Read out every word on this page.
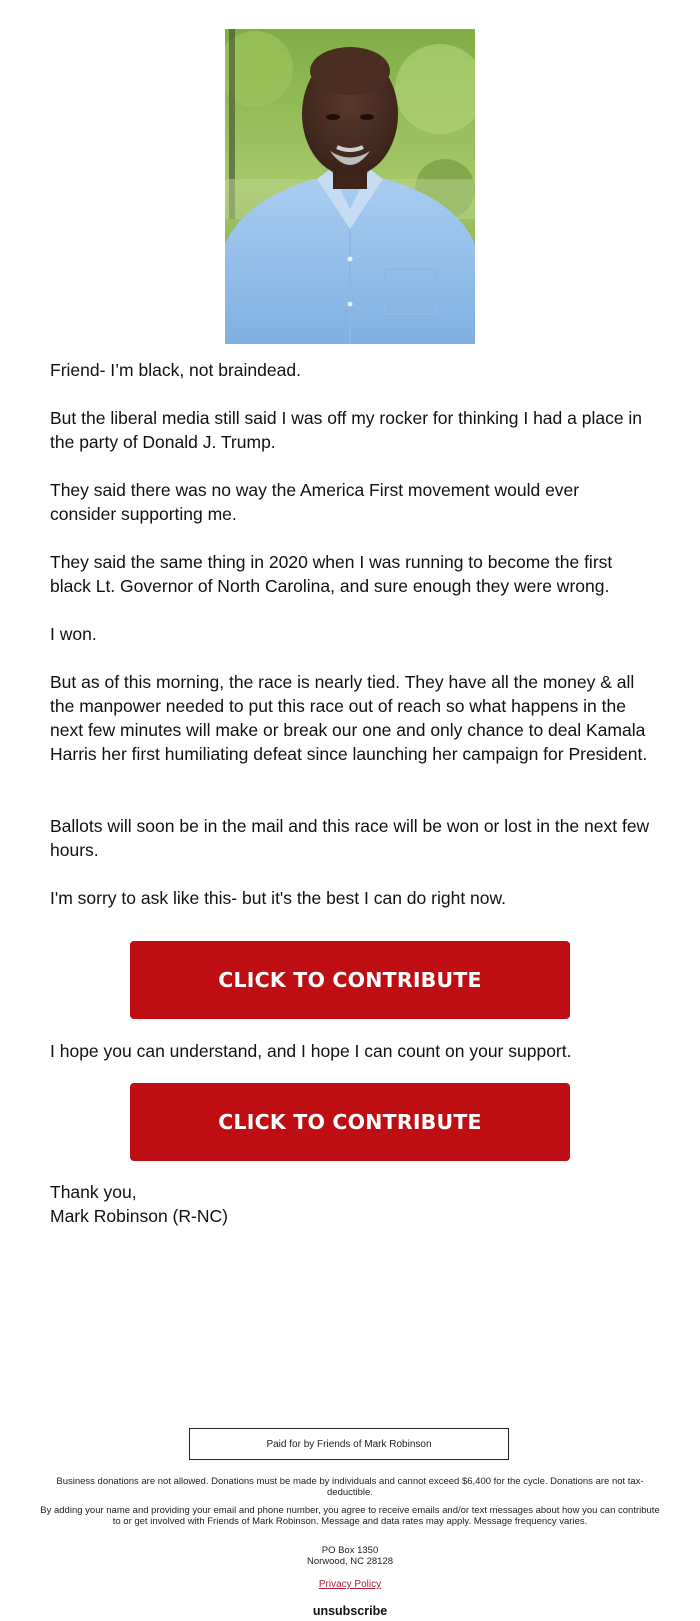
Friend- I’m black, not braindead.

But the liberal media still said I was off my rocker for thinking I had a place in the party of Donald J. Trump.

They said there was no way the America First movement would ever consider supporting me.

They said the same thing in 2020 when I was running to become the first black Lt. Governor of North Carolina, and sure enough they were wrong.

I won.

But as of this morning, the race is nearly tied. They have all the money & all the manpower needed to put this race out of reach so what happens in the next few minutes will make or break our one and only chance to deal Kamala Harris her first humiliating defeat since launching her campaign for President.

Ballots will soon be in the mail and this race will be won or lost in the next few hours.

I'm sorry to ask like this- but it's the best I can do right now.

CLICK TO CONTRIBUTE

I hope you can understand, and I hope I can count on your support.

CLICK TO CONTRIBUTE

Thank you,

Mark Robinson (R-NC)

Paid for by Friends of Mark Robinson

Business donations are not allowed. Donations must be made by individuals and cannot exceed $6,400 for the cycle. Donations are not tax-deductible.

By adding your name and providing your email and phone number, you agree to receive emails and/or text messages about how you can contribute to or get involved with Friends of Mark Robinson. Message and data rates may apply. Message frequency varies.

PO Box 1350

Norwood, NC 28128

Privacy Policy
unsubscribe
